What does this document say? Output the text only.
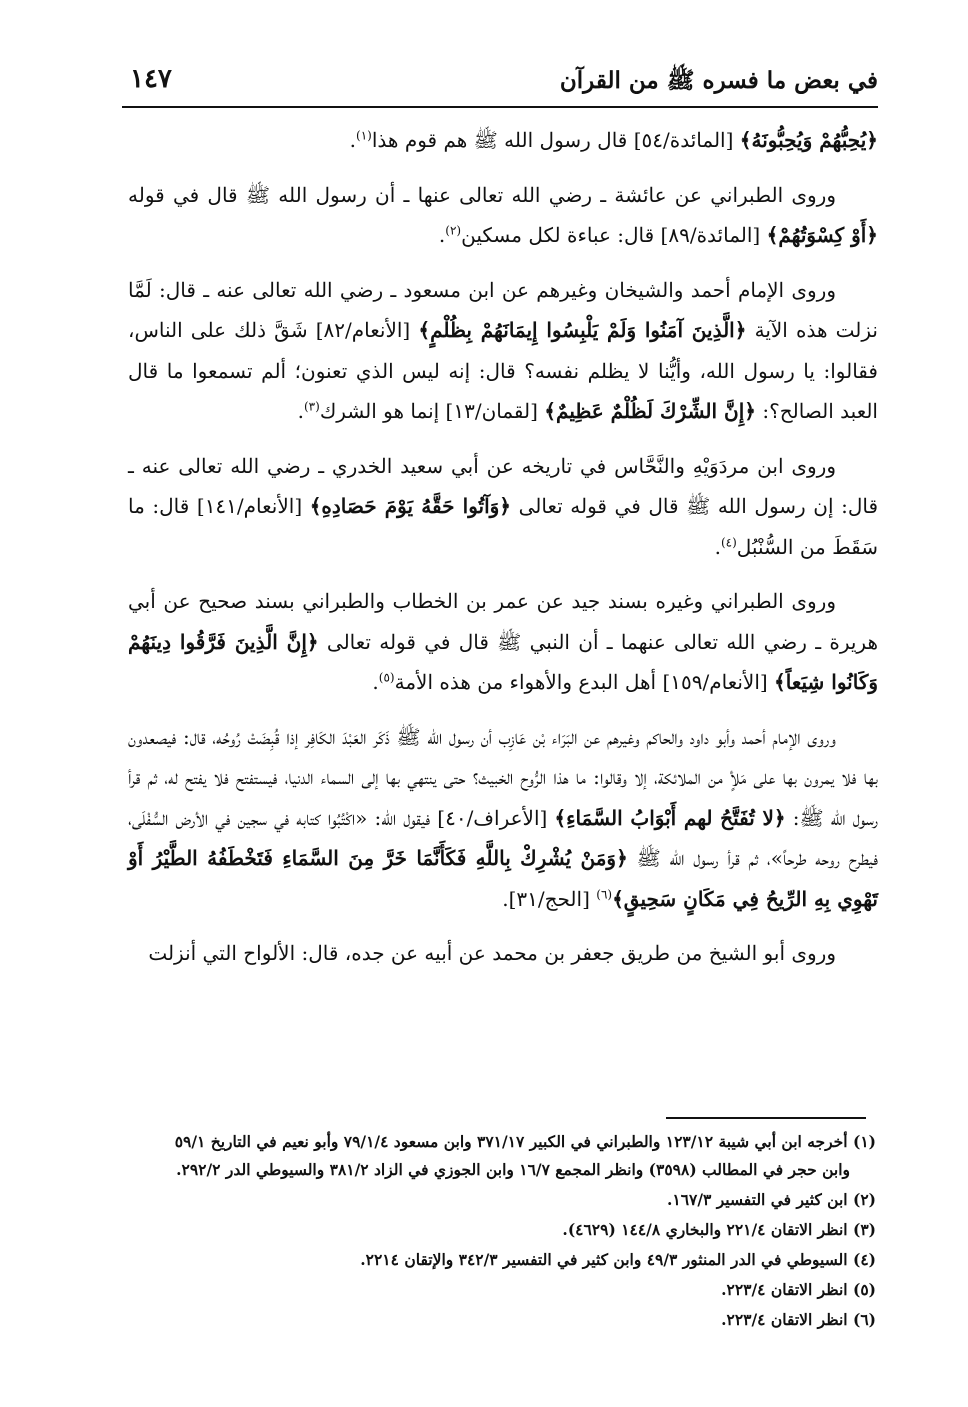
في بعض ما فسره ﷺ من القرآن
١٤٧

﴿يُحِبُّهُمْ وَيُحِبُّونَهُ﴾ [المائدة/٥٤] قال رسول الله ﷺ هم قوم هذا$^{(١)}$.

وروى الطبراني عن عائشة ـ رضي الله تعالى عنها ـ أن رسول الله ﷺ قال في قوله ﴿أَوْ كِسْوَتُهُمْ﴾ [المائدة/٨٩] قال: عباءة لكل مسكين$^{(٢)}$.

وروى الإمام أحمد والشيخان وغيرهم عن ابن مسعود ـ رضي الله تعالى عنه ـ قال: لَمَّا نزلت هذه الآية ﴿الَّذِينَ آمَنُوا وَلَمْ يَلْبِسُوا إِيمَانَهُمْ بِظُلْمٍ﴾ [الأنعام/٨٢] شَقَّ ذلك على الناس، فقالوا: يا رسول الله، وأيُّنا لا يظلم نفسه؟ قال: إنه ليس الذي تعنون؛ ألم تسمعوا ما قال العبد الصالح؟: ﴿إِنَّ الشِّرْكَ لَظُلْمٌ عَظِيمٌ﴾ [لقمان/١٣] إنما هو الشرك$^{(٣)}$.

وروى ابن مردَوَيْهِ والنَّحَّاس في تاريخه عن أبي سعيد الخدري ـ رضي الله تعالى عنه ـ قال: إن رسول الله ﷺ قال في قوله تعالى ﴿وَآتُوا حَقَّهُ يَوْمَ حَصَادِهِ﴾ [الأنعام/١٤١] قال: ما سَقَطَ من السُّنْبُل$^{(٤)}$.

وروى الطبراني وغيره بسند جيد عن عمر بن الخطاب والطبراني بسند صحيح عن أبي هريرة ـ رضي الله تعالى عنهما ـ أن النبي ﷺ قال في قوله تعالى ﴿إِنَّ الَّذِينَ فَرَّقُوا دِينَهُمْ وَكَانُوا شِيَعاً﴾ [الأنعام/١٥٩] أهل البدع والأهواء من هذه الأمة$^{(٥)}$.

وروى الإمام أحمد وأبو داود والحاكم وغيرهم عن البَرَاء بْن عَازِب أن رسول الله ﷺ ذَكَر العَبْدَ الكَافِر إذا قُبِضَتْ رُوحُه، قال: فيصعدون بها فلا يمرون بها على مَلأٍ من الملائكة، إلا وقالوا: ما هذا الرُّوح الخبيث؟ حتى ينتهي بها إلى السماء الدنيا، فيستفتح فلا يفتح له، ثم قرأ رسول الله ﷺ: ﴿لا تُفَتَّحُ لهم أَبْوَابُ السَّمَاءِ﴾ [الأعراف/٤٠] فيقول الله: «اكْتُبُوا كتابه في سجين في الأرض السُّفْلَى، فيطرح روحه طرحاً»، ثم قرأ رسول الله ﷺ ﴿وَمَنْ يُشْرِكْ بِاللَّهِ فَكَأَنَّمَا خَرَّ مِنَ السَّمَاءِ فَتَخْطَفُهُ الطَّيْرُ أَوْ تَهْوِي بِهِ الرِّيحُ فِي مَكَانٍ سَحِيقٍ﴾$^{(٦)}$ [الحج/٣١].

وروى أبو الشيخ من طريق جعفر بن محمد عن أبيه عن جده، قال: الألواح التي أنزلت

(١) أخرجه ابن أبي شيبة ١٢٣/١٢ والطبراني في الكبير ٣٧١/١٧ وابن مسعود ٧٩/١/٤ وأبو نعيم في التاريخ ٥٩/١
وابن حجر في المطالب (٣٥٩٨) وانظر المجمع ١٦/٧ وابن الجوزي في الزاد ٣٨١/٢ والسيوطي الدر ٢٩٢/٢.
(٢) ابن كثير في التفسير ١٦٧/٣.
(٣) انظر الاتقان ٢٢١/٤ والبخاري ١٤٤/٨ (٤٦٢٩).
(٤) السيوطي في الدر المنثور ٤٩/٣ وابن كثير في التفسير ٣٤٢/٣ والإتقان ٢٢١٤.
(٥) انظر الاتقان ٢٢٣/٤.
(٦) انظر الاتقان ٢٢٣/٤.
